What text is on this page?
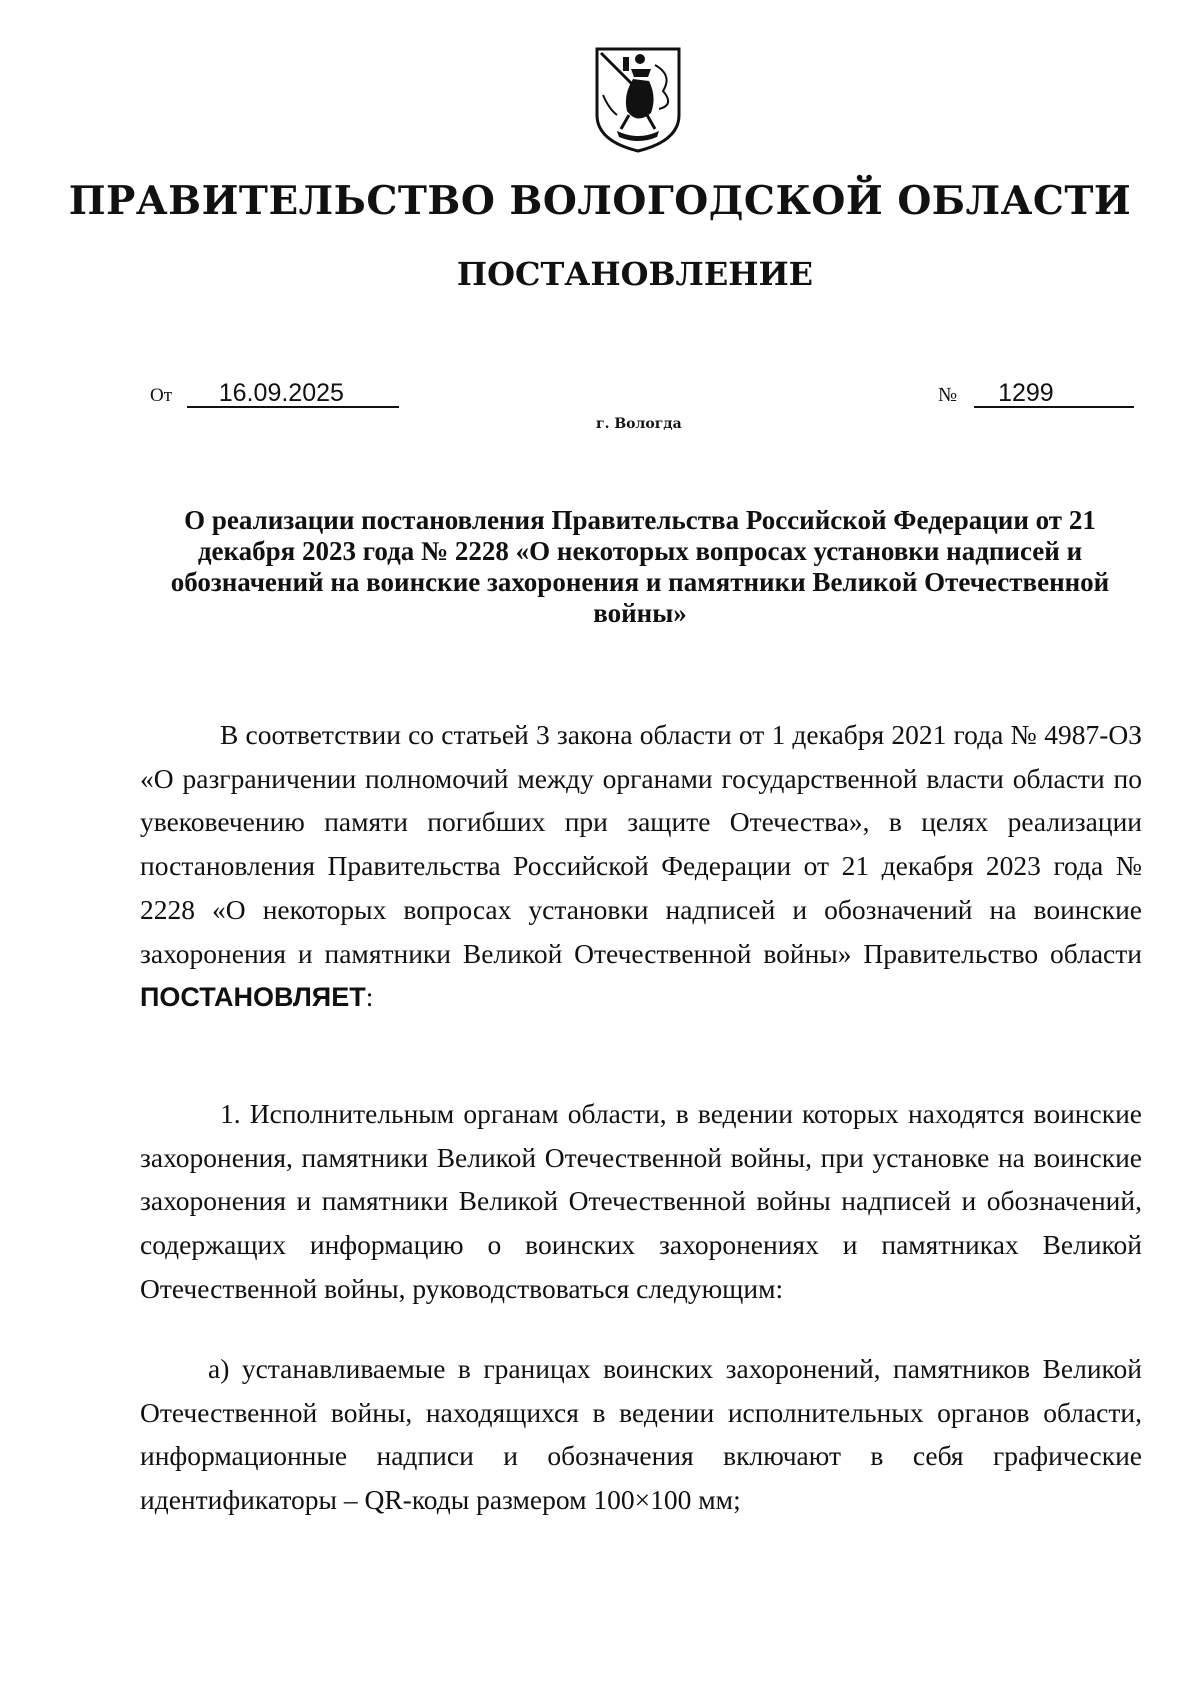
ПРАВИТЕЛЬСТВО ВОЛОГОДСКОЙ ОБЛАСТИ
ПОСТАНОВЛЕНИЕ
От 16.09.2025	№ 1299
г. Вологда

О реализации постановления Правительства Российской Федерации от 21 декабря 2023 года № 2228 «О некоторых вопросах установки надписей и обозначений на воинские захоронения и памятники Великой Отечественной войны»

В соответствии со статьей 3 закона области от 1 декабря 2021 года № 4987-ОЗ «О разграничении полномочий между органами государственной власти области по увековечению памяти погибших при защите Отечества», в целях реализации постановления Правительства Российской Федерации от 21 декабря 2023 года № 2228 «О некоторых вопросах установки надписей и обозначений на воинские захоронения и памятники Великой Отечественной войны» Правительство области ПОСТАНОВЛЯЕТ:

1. Исполнительным органам области, в ведении которых находятся воинские захоронения, памятники Великой Отечественной войны, при установке на воинские захоронения и памятники Великой Отечественной войны надписей и обозначений, содержащих информацию о воинских захоронениях и памятниках Великой Отечественной войны, руководствоваться следующим:

а) устанавливаемые в границах воинских захоронений, памятников Великой Отечественной войны, находящихся в ведении исполнительных органов области, информационные надписи и обозначения включают в себя графические идентификаторы – QR-коды размером 100×100 мм;
